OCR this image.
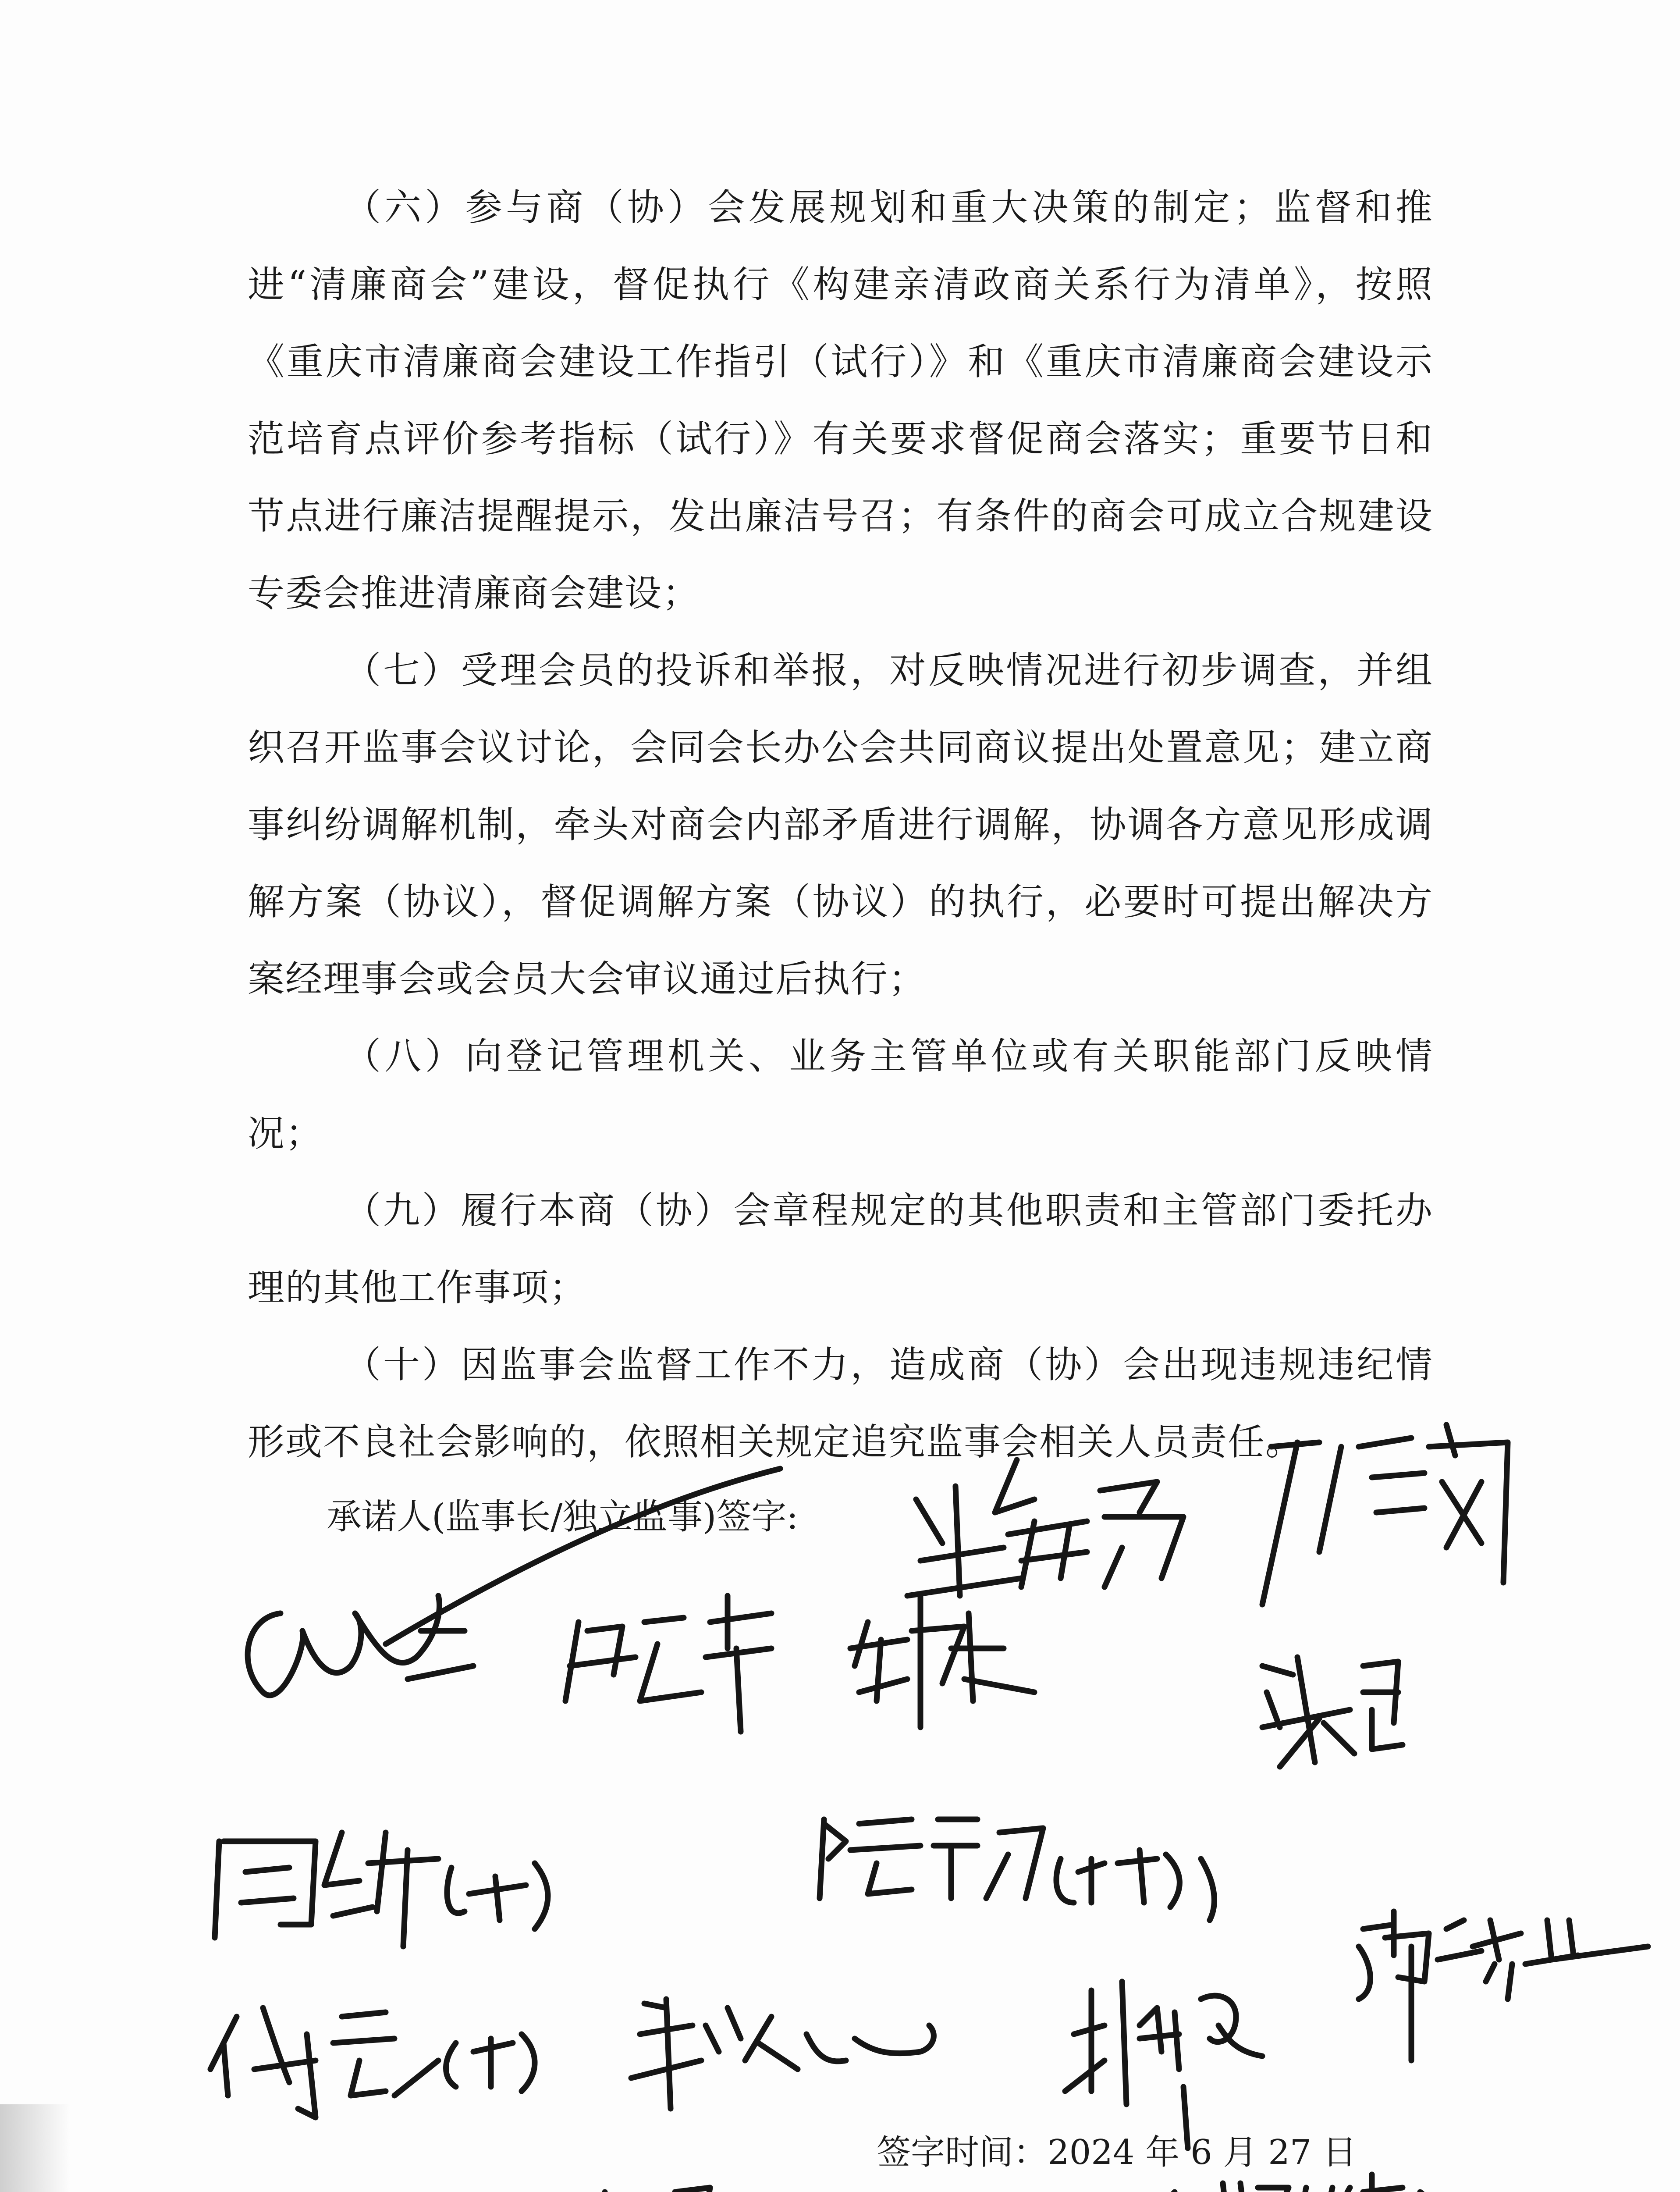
（六）参与商（协）会发展规划和重大决策的制定；监督和推进“清廉商会”建设，督促执行《构建亲清政商关系行为清单》，按照《重庆市清廉商会建设工作指引（试行）》和《重庆市清廉商会建设示范培育点评价参考指标（试行）》有关要求督促商会落实；重要节日和节点进行廉洁提醒提示，发出廉洁号召；有条件的商会可成立合规建设专委会推进清廉商会建设；

（七）受理会员的投诉和举报，对反映情况进行初步调查，并组织召开监事会议讨论，会同会长办公会共同商议提出处置意见；建立商事纠纷调解机制，牵头对商会内部矛盾进行调解，协调各方意见形成调解方案（协议），督促调解方案（协议）的执行，必要时可提出解决方案经理事会或会员大会审议通过后执行；

（八）向登记管理机关、业务主管单位或有关职能部门反映情况；

（九）履行本商（协）会章程规定的其他职责和主管部门委托办理的其他工作事项；

（十）因监事会监督工作不力，造成商（协）会出现违规违纪情形或不良社会影响的，依照相关规定追究监事会相关人员责任。

承诺人(监事长/独立监事)签字:
签字时间：2024 年 6 月 27 日
